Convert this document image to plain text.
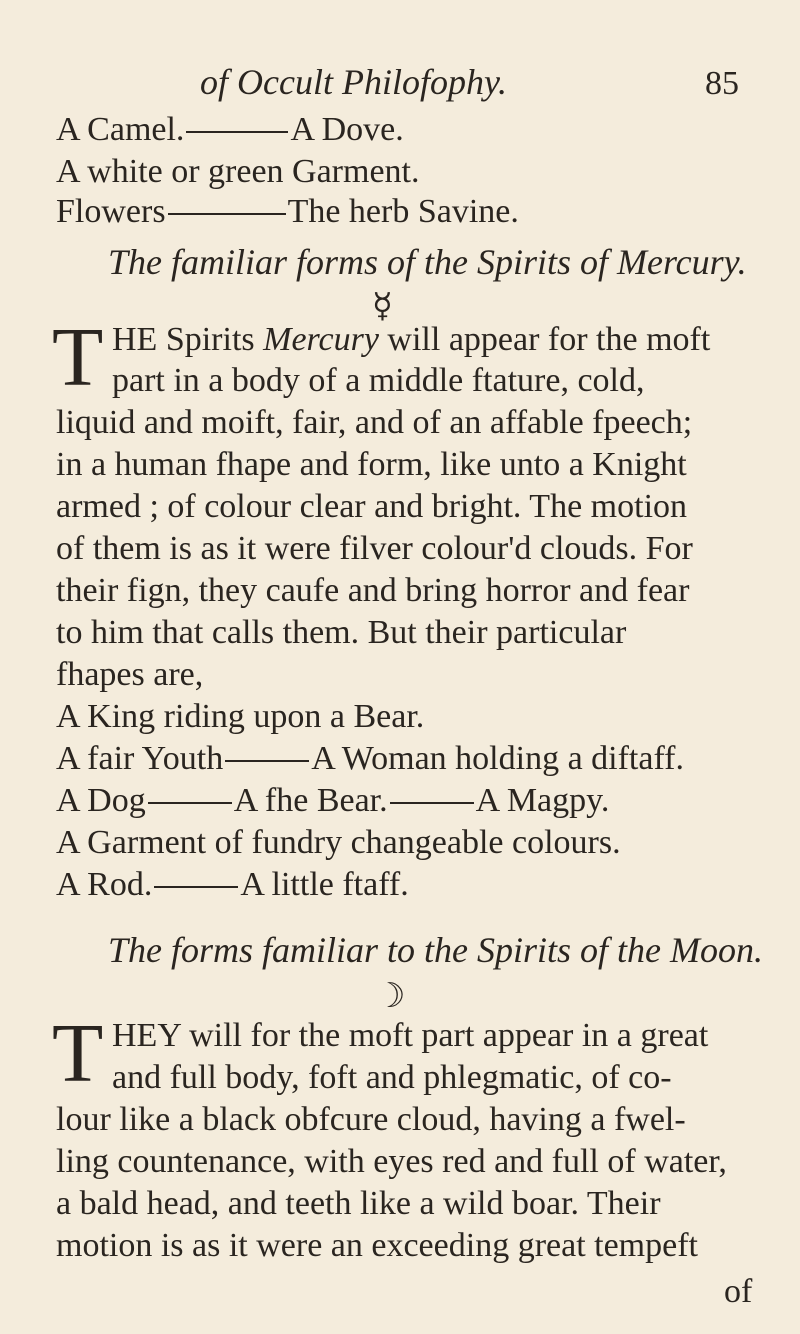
of Occult Philofophy.	85
A Camel.	A Dove.
A white or green Garment.
Flowers	The herb Savine.
The familiar forms of the Spirits of Mercury.
☿
T HE Spirits Mercury will appear for the moft
part in a body of a middle ftature, cold,
liquid and moift, fair, and of an affable fpeech;
in a human fhape and form, like unto a Knight
armed ; of colour clear and bright. The motion
of them is as it were filver colour'd clouds. For
their fign, they caufe and bring horror and fear
to him that calls them. But their particular
fhapes are,
A King riding upon a Bear.
A fair Youth	A Woman holding a diftaff.
A Dog	A fhe Bear.	A Magpy.
A Garment of fundry changeable colours.
A Rod.	A little ftaff.
The forms familiar to the Spirits of the Moon.
☽
T HEY will for the moft part appear in a great
and full body, foft and phlegmatic, of co-
lour like a black obfcure cloud, having a fwel-
ling countenance, with eyes red and full of water,
a bald head, and teeth like a wild boar. Their
motion is as it were an exceeding great tempeft
of
